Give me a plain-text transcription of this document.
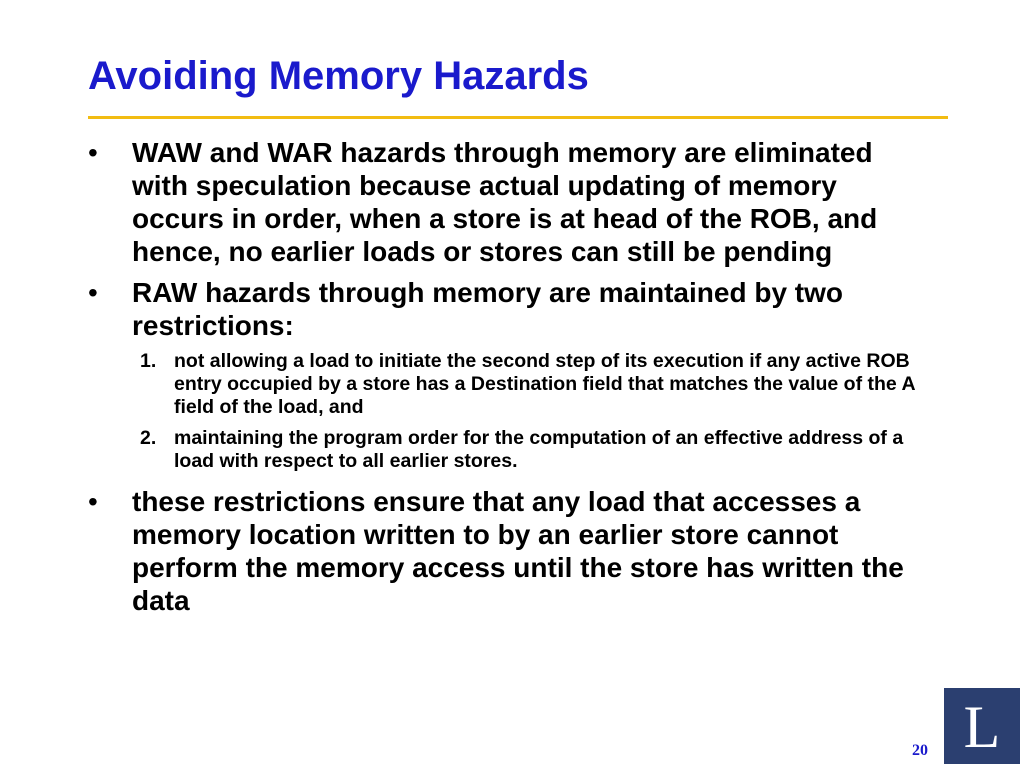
Avoiding Memory Hazards
• WAW and WAR hazards through memory are eliminated with speculation because actual updating of memory occurs in order, when a store is at head of the ROB, and hence, no earlier loads or stores can still be pending
• RAW hazards through memory are maintained by two restrictions:
1. not allowing a load to initiate the second step of its execution if any active ROB entry occupied by a store has a Destination field that matches the value of the A field of the load, and
2. maintaining the program order for the computation of an effective address of a load with respect to all earlier stores.
• these restrictions ensure that any load that accesses a memory location written to by an earlier store cannot perform the memory access until the store has written the data
20 L
